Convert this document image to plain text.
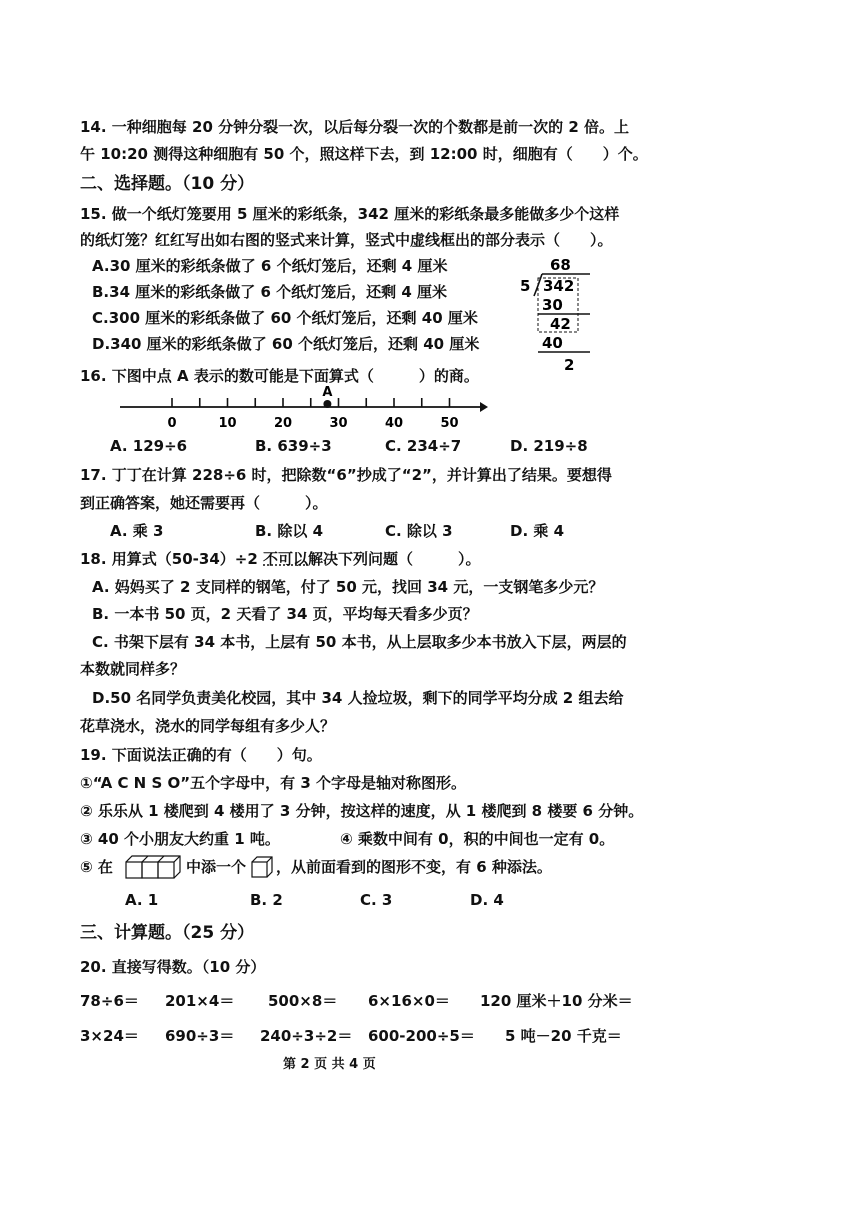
14. 一种细胞每 20 分钟分裂一次，以后每分裂一次的个数都是前一次的 2 倍。上
午 10:20 测得这种细胞有 50 个，照这样下去，到 12:00 时，细胞有（　　）个。
二、选择题。（10 分）
15. 做一个纸灯笼要用 5 厘米的彩纸条，342 厘米的彩纸条最多能做多少个这样
的纸灯笼？红红写出如右图的竖式来计算，竖式中虚线框出的部分表示（　　）。
A.30 厘米的彩纸条做了 6 个纸灯笼后，还剩 4 厘米
B.34 厘米的彩纸条做了 6 个纸灯笼后，还剩 4 厘米
C.300 厘米的彩纸条做了 60 个纸灯笼后，还剩 40 厘米
D.340 厘米的彩纸条做了 60 个纸灯笼后，还剩 40 厘米
68
5 342
30
42
40
2
16. 下图中点 A 表示的数可能是下面算式（　　　）的商。
0	10	20	30	40	50
A
A. 129÷6	B. 639÷3	C. 234÷7	D. 219÷8
17. 丁丁在计算 228÷6 时，把除数“6”抄成了“2”，并计算出了结果。要想得
到正确答案，她还需要再（　　　）。
A. 乘 3	B. 除以 4	C. 除以 3	D. 乘 4
18. 用算式（50-34）÷2 不可以解决下列问题（　　　）。
A. 妈妈买了 2 支同样的钢笔，付了 50 元，找回 34 元，一支钢笔多少元？
B. 一本书 50 页，2 天看了 34 页，平均每天看多少页？
C. 书架下层有 34 本书，上层有 50 本书，从上层取多少本书放入下层，两层的
本数就同样多？
D.50 名同学负责美化校园，其中 34 人捡垃圾，剩下的同学平均分成 2 组去给
花草浇水，浇水的同学每组有多少人？
19. 下面说法正确的有（　　）句。
①“A C N S O”五个字母中，有 3 个字母是轴对称图形。
② 乐乐从 1 楼爬到 4 楼用了 3 分钟，按这样的速度，从 1 楼爬到 8 楼要 6 分钟。
③ 40 个小朋友大约重 1 吨。	④ 乘数中间有 0，积的中间也一定有 0。
⑤ 在	中添一个 ，从前面看到的图形不变，有 6 种添法。
A. 1	B. 2	C. 3	D. 4
三、计算题。（25 分）
20. 直接写得数。（10 分）
78÷6＝ 201×4＝ 500×8＝ 6×16×0＝ 120 厘米＋10 分米＝
3×24＝ 690÷3＝ 240÷3÷2＝ 600-200÷5＝ 5 吨－20 千克＝
第 2 页 共 4 页
